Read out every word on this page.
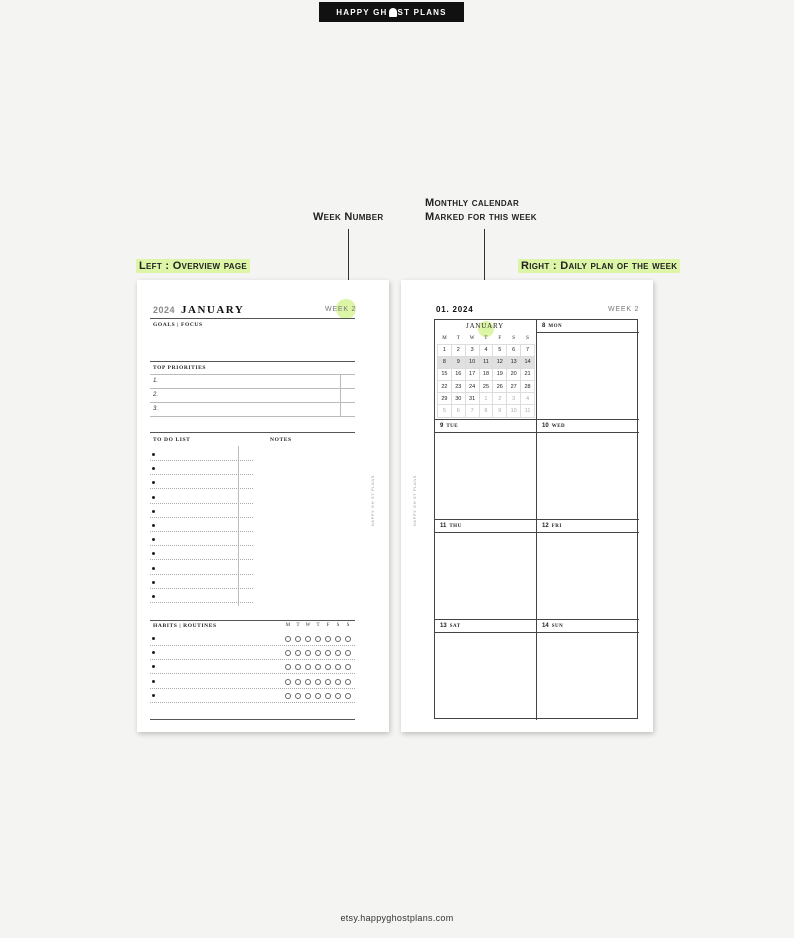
HAPPY GH ST PLANS
Week Number
Monthly calendar
Marked for this week
Left : Overview page	Right : Daily plan of the week
2024 JANUARY	WEEK 2
GOALS | FOCUS
TOP PRIORITIES
1.
2.
3.
TO DO LIST	NOTES
HABITS | ROUTINES	M T W T F S S
HAPPY GH ST PLANS	HAPPY GH ST PLANS
01. 2024	WEEK 2
JANUARY
M	T	W	T	F	S	S
1	2	3	4	5	6	7
8	9	10	11	12	13	14
15	16	17	18	19	20	21
22	23	24	25	26	27	28
29	30	31	1	2	3	4
5	6	7	8	9	10	11
8 MON
9 TUE	10 WED
11 THU	12 FRI
13 SAT	14 SUN
etsy.happyghostplans.com
